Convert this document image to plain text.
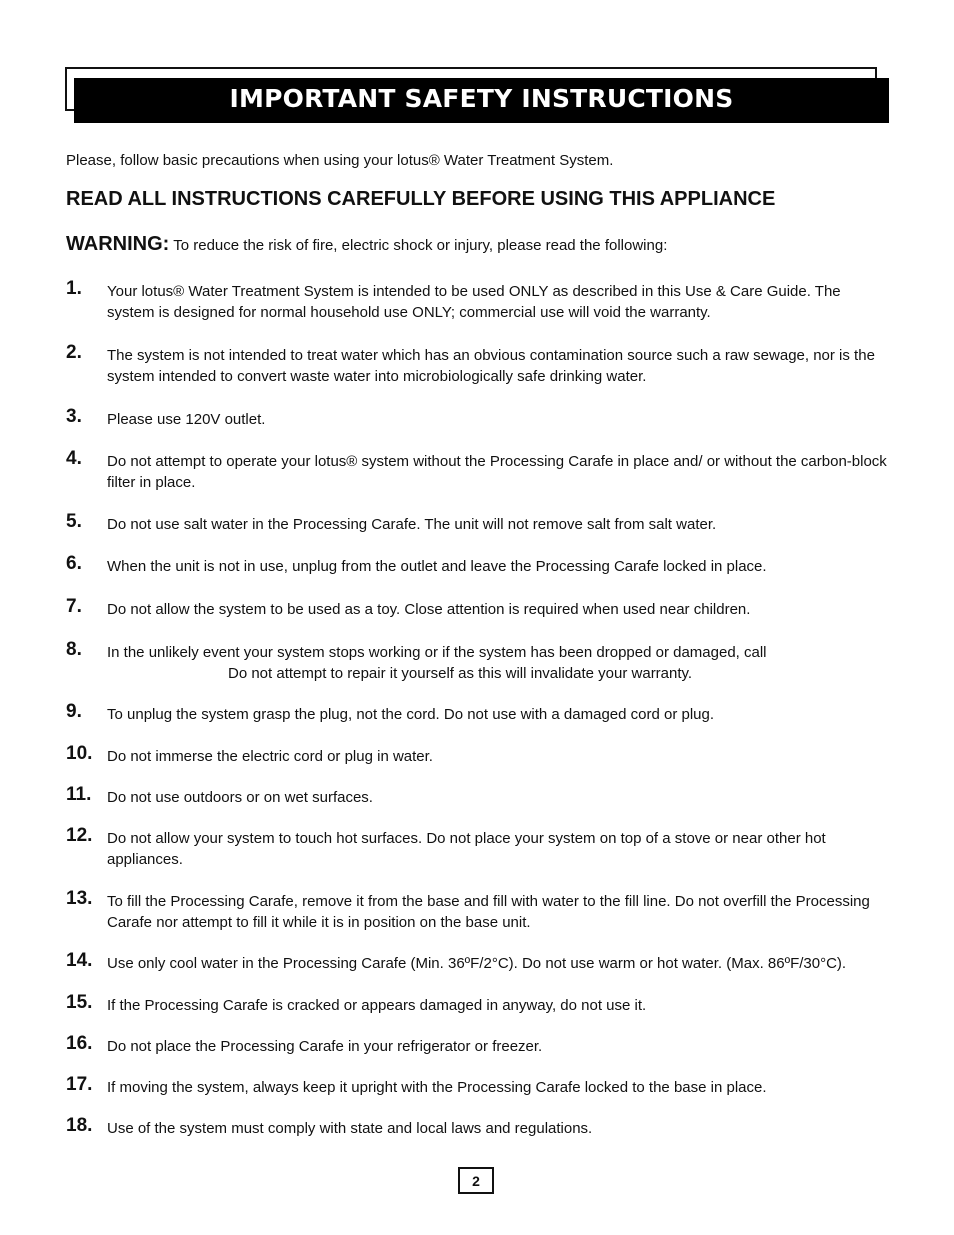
IMPORTANT SAFETY INSTRUCTIONS
Please, follow basic precautions when using your lotus® Water Treatment System.
READ ALL INSTRUCTIONS CAREFULLY BEFORE USING THIS APPLIANCE
WARNING: To reduce the risk of fire, electric shock or injury, please read the following:
1. Your lotus® Water Treatment System is intended to be used ONLY as described in this Use & Care Guide. The system is designed for normal household use ONLY; commercial use will void the warranty.
2. The system is not intended to treat water which has an obvious contamination source such a raw sewage, nor is the system intended to convert waste water into microbiologically safe drinking water.
3. Please use 120V outlet.
4. Do not attempt to operate your lotus® system without the Processing Carafe in place and/ or without the carbon-block filter in place.
5. Do not use salt water in the Processing Carafe. The unit will not remove salt from salt water.
6. When the unit is not in use, unplug from the outlet and leave the Processing Carafe locked in place.
7. Do not allow the system to be used as a toy. Close attention is required when used near children.
8. In the unlikely event your system stops working or if the system has been dropped or damaged, call
Do not attempt to repair it yourself as this will invalidate your warranty.
9. To unplug the system grasp the plug, not the cord. Do not use with a damaged cord or plug.
10. Do not immerse the electric cord or plug in water.
11. Do not use outdoors or on wet surfaces.
12. Do not allow your system to touch hot surfaces. Do not place your system on top of a stove or near other hot appliances.
13. To fill the Processing Carafe, remove it from the base and fill with water to the fill line. Do not overfill the Processing Carafe nor attempt to fill it while it is in position on the base unit.
14. Use only cool water in the Processing Carafe (Min. 36ºF/2°C). Do not use warm or hot water. (Max. 86ºF/30°C).
15. If the Processing Carafe is cracked or appears damaged in anyway, do not use it.
16. Do not place the Processing Carafe in your refrigerator or freezer.
17. If moving the system, always keep it upright with the Processing Carafe locked to the base in place.
18. Use of the system must comply with state and local laws and regulations.
2
